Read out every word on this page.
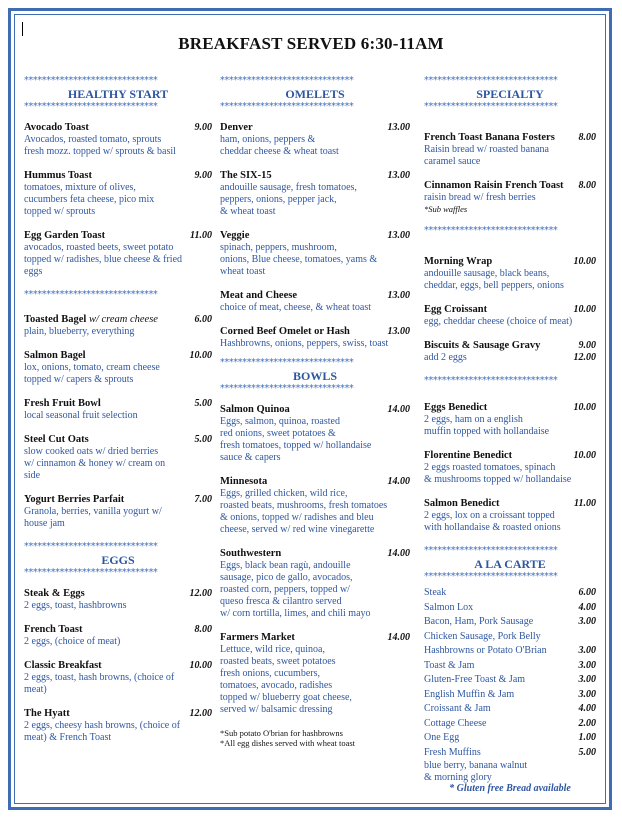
BREAKFAST SERVED 6:30-11AM
******************************
HEALTHY START
******************************
Avocado Toast	9.00
Avocados, roasted tomato, sprouts
fresh mozz. topped w/ sprouts & basil
Hummus Toast	9.00
tomatoes, mixture of olives,
cucumbers feta cheese, pico mix
topped w/ sprouts
Egg Garden Toast	11.00
avocados, roasted beets, sweet potato
topped w/ radishes, blue cheese & fried
eggs
******************************
Toasted Bagel w/ cream cheese	6.00
plain, blueberry, everything
Salmon Bagel	10.00
lox, onions, tomato, cream cheese
topped w/ capers & sprouts
Fresh Fruit Bowl	5.00
local seasonal fruit selection
Steel Cut Oats	5.00
slow cooked oats w/ dried berries
w/ cinnamon & honey w/ cream on
side
Yogurt Berries Parfait	7.00
Granola, berries, vanilla yogurt w/
house jam
******************************
EGGS
******************************
Steak & Eggs	12.00
2 eggs, toast, hashbrowns
French Toast	8.00
2 eggs, (choice of meat)
Classic Breakfast	10.00
2 eggs, toast, hash browns, (choice of
meat)
The Hyatt	12.00
2 eggs, cheesy hash browns, (choice of
meat) & French Toast
******************************
OMELETS
******************************
Denver	13.00
ham, onions, peppers &
cheddar cheese & wheat toast
The SIX-15	13.00
andouille sausage, fresh tomatoes,
peppers, onions, pepper jack,
& wheat toast
Veggie	13.00
spinach, peppers, mushroom,
onions, Blue cheese, tomatoes, yams &
wheat toast
Meat and Cheese	13.00
choice of meat, cheese, & wheat toast
Corned Beef Omelet or Hash	13.00
Hashbrowns, onions, peppers, swiss, toast
******************************
BOWLS
******************************
Salmon Quinoa	14.00
Eggs, salmon, quinoa, roasted
red onions, sweet potatoes &
fresh tomatoes, topped w/ hollandaise
sauce & capers
Minnesota	14.00
Eggs, grilled chicken, wild rice,
roasted beats, mushrooms, fresh tomatoes
& onions, topped w/ radishes and bleu
cheese, served w/ red wine vinegarette
Southwestern	14.00
Eggs, black bean ragù, andouille
sausage, pico de gallo, avocados,
roasted corn, peppers, topped w/
queso fresca & cilantro served
w/ corn tortilla, limes, and chili mayo
Farmers Market	14.00
Lettuce, wild rice, quinoa,
roasted beats, sweet potatoes
fresh onions, cucumbers,
tomatoes, avocado, radishes
topped w/ blueberry goat cheese,
served w/ balsamic dressing
*Sub potato O'brian for hashbrowns
*All egg dishes served with wheat toast
******************************
SPECIALTY
******************************
French Toast Banana Fosters 8.00
Raisin bread w/ roasted banana
caramel sauce
Cinnamon Raisin French Toast 8.00
raisin bread w/ fresh berries
*Sub waffles
******************************
Morning Wrap	10.00
andouille sausage, black beans,
cheddar, eggs, bell peppers, onions
Egg Croissant	10.00
egg, cheddar cheese (choice of meat)
Biscuits & Sausage Gravy	9.00
add 2 eggs	12.00
******************************
Eggs Benedict	10.00
2 eggs, ham on a english
muffin topped with hollandaise
Florentine Benedict	10.00
2 eggs roasted tomatoes, spinach
& mushrooms topped w/ hollandaise
Salmon Benedict	11.00
2 eggs, lox on a croissant topped
with hollandaise & roasted onions
******************************
A LA CARTE
******************************
Steak	6.00
Salmon Lox	4.00
Bacon, Ham, Pork Sausage	3.00
Chicken Sausage, Pork Belly
Hashbrowns or Potato O'Brian	3.00
Toast & Jam	3.00
Gluten-Free Toast & Jam	3.00
English Muffin & Jam	3.00
Croissant & Jam	4.00
Cottage Cheese	2.00
One Egg	1.00
Fresh Muffins	5.00
blue berry, banana walnut
& morning glory
* Gluten free Bread available
